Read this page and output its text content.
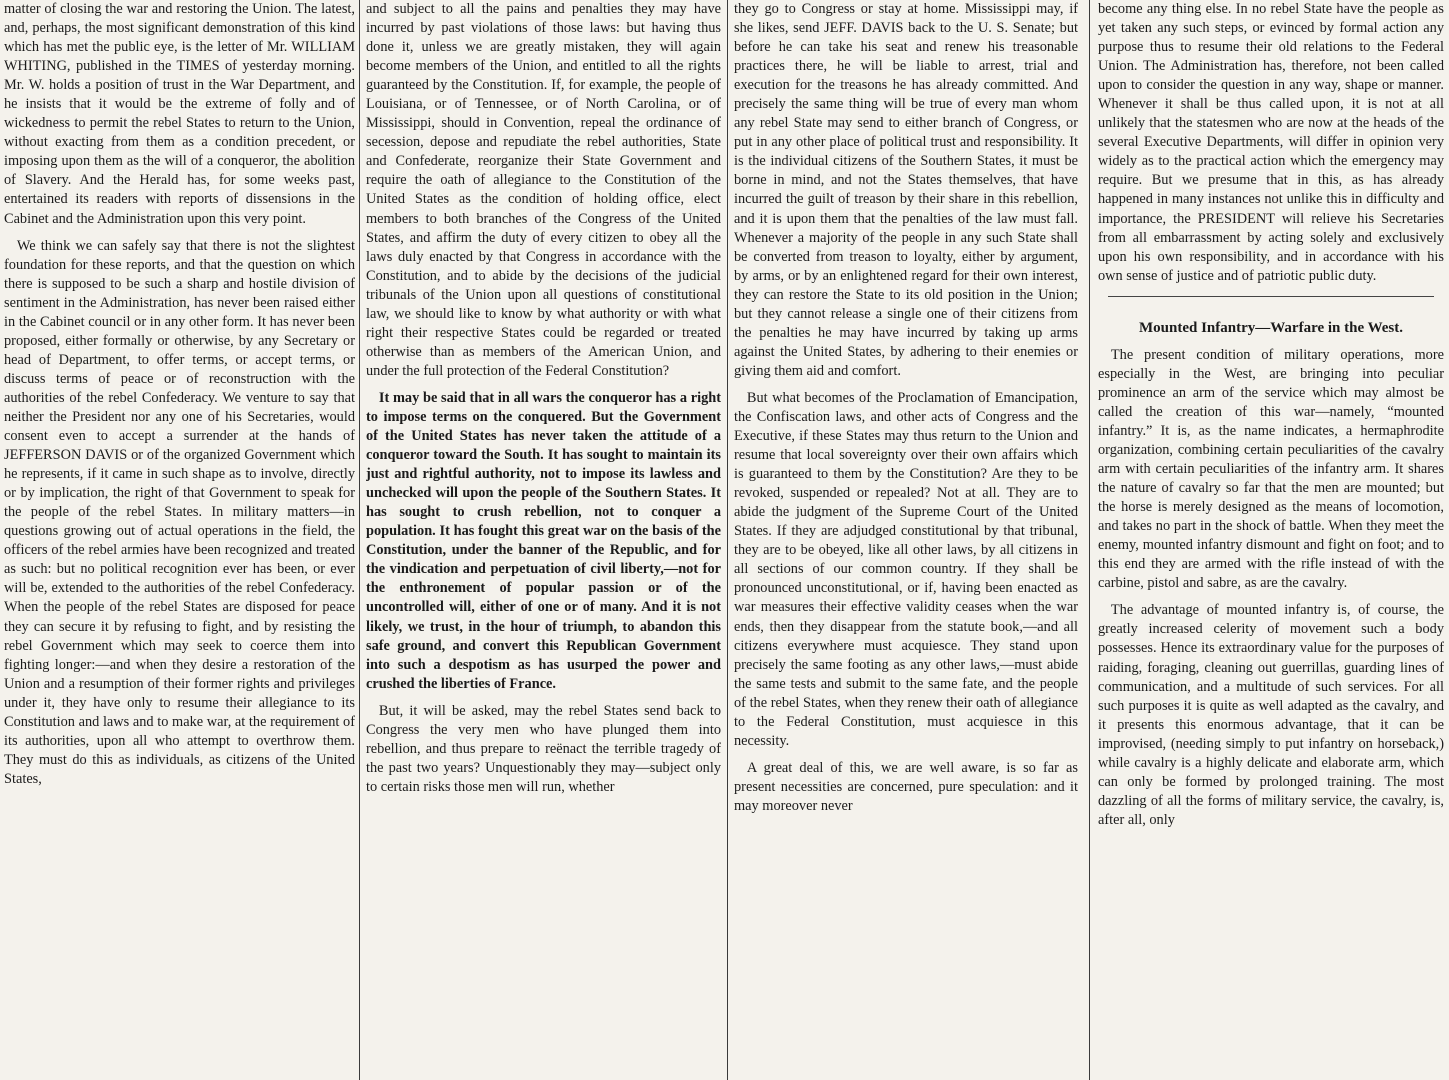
matter of closing the war and restoring the Union. The latest, and, perhaps, the most significant demonstration of this kind which has met the public eye, is the letter of Mr. WILLIAM WHITING, published in the TIMES of yesterday morning. Mr. W. holds a position of trust in the War Department, and he insists that it would be the extreme of folly and of wickedness to permit the rebel States to return to the Union, without exacting from them as a condition precedent, or imposing upon them as the will of a conqueror, the abolition of Slavery. And the Herald has, for some weeks past, entertained its readers with reports of dissensions in the Cabinet and the Administration upon this very point.

We think we can safely say that there is not the slightest foundation for these reports, and that the question on which there is supposed to be such a sharp and hostile division of sentiment in the Administration, has never been raised either in the Cabinet council or in any other form. It has never been proposed, either formally or otherwise, by any Secretary or head of Department, to offer terms, or accept terms, or discuss terms of peace or of reconstruction with the authorities of the rebel Confederacy. We venture to say that neither the President nor any one of his Secretaries, would consent even to accept a surrender at the hands of JEFFERSON DAVIS or of the organized Government which he represents, if it came in such shape as to involve, directly or by implication, the right of that Government to speak for the people of the rebel States. In military matters—in questions growing out of actual operations in the field, the officers of the rebel armies have been recognized and treated as such: but no political recognition ever has been, or ever will be, extended to the authorities of the rebel Confederacy. When the people of the rebel States are disposed for peace they can secure it by refusing to fight, and by resisting the rebel Government which may seek to coerce them into fighting longer:—and when they desire a restoration of the Union and a resumption of their former rights and privileges under it, they have only to resume their allegiance to its Constitution and laws and to make war, at the requirement of its authorities, upon all who attempt to overthrow them. They must do this as individuals, as citizens of the United States,

and subject to all the pains and penalties they may have incurred by past violations of those laws: but having thus done it, unless we are greatly mistaken, they will again become members of the Union, and entitled to all the rights guaranteed by the Constitution. If, for example, the people of Louisiana, or of Tennessee, or of North Carolina, or of Mississippi, should in Convention, repeal the ordinance of secession, depose and repudiate the rebel authorities, State and Confederate, reorganize their State Government and require the oath of allegiance to the Constitution of the United States as the condition of holding office, elect members to both branches of the Congress of the United States, and affirm the duty of every citizen to obey all the laws duly enacted by that Congress in accordance with the Constitution, and to abide by the decisions of the judicial tribunals of the Union upon all questions of constitutional law, we should like to know by what authority or with what right their respective States could be regarded or treated otherwise than as members of the American Union, and under the full protection of the Federal Constitution?

It may be said that in all wars the conqueror has a right to impose terms on the conquered. But the Government of the United States has never taken the attitude of a conqueror toward the South. It has sought to maintain its just and rightful authority, not to impose its lawless and unchecked will upon the people of the Southern States. It has sought to crush rebellion, not to conquer a population. It has fought this great war on the basis of the Constitution, under the banner of the Republic, and for the vindication and perpetuation of civil liberty,—not for the enthronement of popular passion or of the uncontrolled will, either of one or of many. And it is not likely, we trust, in the hour of triumph, to abandon this safe ground, and convert this Republican Government into such a despotism as has usurped the power and crushed the liberties of France.

But, it will be asked, may the rebel States send back to Congress the very men who have plunged them into rebellion, and thus prepare to reënact the terrible tragedy of the past two years? Unquestionably they may—subject only to certain risks those men will run, whether

they go to Congress or stay at home. Mississippi may, if she likes, send JEFF. DAVIS back to the U. S. Senate; but before he can take his seat and renew his treasonable practices there, he will be liable to arrest, trial and execution for the treasons he has already committed. And precisely the same thing will be true of every man whom any rebel State may send to either branch of Congress, or put in any other place of political trust and responsibility. It is the individual citizens of the Southern States, it must be borne in mind, and not the States themselves, that have incurred the guilt of treason by their share in this rebellion, and it is upon them that the penalties of the law must fall. Whenever a majority of the people in any such State shall be converted from treason to loyalty, either by argument, by arms, or by an enlightened regard for their own interest, they can restore the State to its old position in the Union; but they cannot release a single one of their citizens from the penalties he may have incurred by taking up arms against the United States, by adhering to their enemies or giving them aid and comfort.

But what becomes of the Proclamation of Emancipation, the Confiscation laws, and other acts of Congress and the Executive, if these States may thus return to the Union and resume that local sovereignty over their own affairs which is guaranteed to them by the Constitution? Are they to be revoked, suspended or repealed? Not at all. They are to abide the judgment of the Supreme Court of the United States. If they are adjudged constitutional by that tribunal, they are to be obeyed, like all other laws, by all citizens in all sections of our common country. If they shall be pronounced unconstitutional, or if, having been enacted as war measures their effective validity ceases when the war ends, then they disappear from the statute book,—and all citizens everywhere must acquiesce. They stand upon precisely the same footing as any other laws,—must abide the same tests and submit to the same fate, and the people of the rebel States, when they renew their oath of allegiance to the Federal Constitution, must acquiesce in this necessity.

A great deal of this, we are well aware, is so far as present necessities are concerned, pure speculation: and it may moreover never

become any thing else. In no rebel State have the people as yet taken any such steps, or evinced by formal action any purpose thus to resume their old relations to the Federal Union. The Administration has, therefore, not been called upon to consider the question in any way, shape or manner. Whenever it shall be thus called upon, it is not at all unlikely that the statesmen who are now at the heads of the several Executive Departments, will differ in opinion very widely as to the practical action which the emergency may require. But we presume that in this, as has already happened in many instances not unlike this in difficulty and importance, the PRESIDENT will relieve his Secretaries from all embarrassment by acting solely and exclusively upon his own responsibility, and in accordance with his own sense of justice and of patriotic public duty.

Mounted Infantry—Warfare in the West.

The present condition of military operations, more especially in the West, are bringing into peculiar prominence an arm of the service which may almost be called the creation of this war—namely, “mounted infantry.” It is, as the name indicates, a hermaphrodite organization, combining certain peculiarities of the cavalry arm with certain peculiarities of the infantry arm. It shares the nature of cavalry so far that the men are mounted; but the horse is merely designed as the means of locomotion, and takes no part in the shock of battle. When they meet the enemy, mounted infantry dismount and fight on foot; and to this end they are armed with the rifle instead of with the carbine, pistol and sabre, as are the cavalry.

The advantage of mounted infantry is, of course, the greatly increased celerity of movement such a body possesses. Hence its extraordinary value for the purposes of raiding, foraging, cleaning out guerrillas, guarding lines of communication, and a multitude of such services. For all such purposes it is quite as well adapted as the cavalry, and it presents this enormous advantage, that it can be improvised, (needing simply to put infantry on horseback,) while cavalry is a highly delicate and elaborate arm, which can only be formed by prolonged training. The most dazzling of all the forms of military service, the cavalry, is, after all, only
